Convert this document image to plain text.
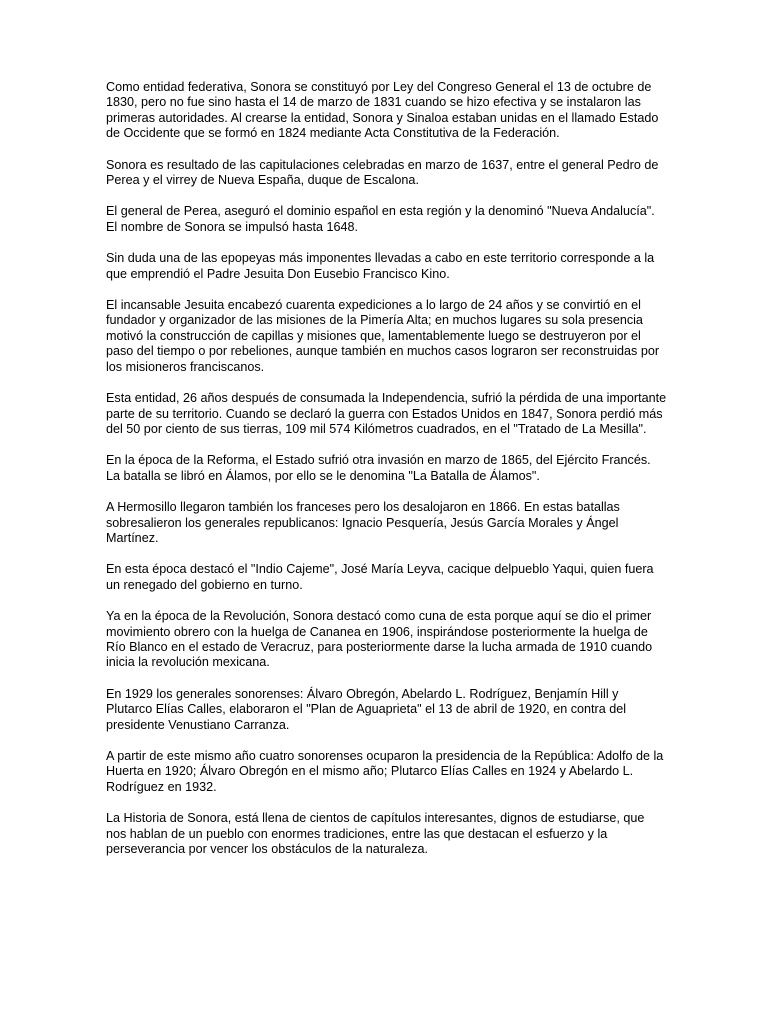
Como entidad federativa, Sonora se constituyó por Ley del Congreso General el 13 de octubre de 1830, pero no fue sino hasta el 14 de marzo de 1831 cuando se hizo efectiva y se instalaron las primeras autoridades. Al crearse la entidad, Sonora y Sinaloa estaban unidas en el llamado Estado de Occidente que se formó en 1824 mediante Acta Constitutiva de la Federación.

Sonora es resultado de las capitulaciones celebradas en marzo de 1637, entre el general Pedro de Perea y el virrey de Nueva España, duque de Escalona.

El general de Perea, aseguró el dominio español en esta región y la denominó "Nueva Andalucía". El nombre de Sonora se impulsó hasta 1648.

Sin duda una de las epopeyas más imponentes llevadas a cabo en este territorio corresponde a la que emprendió el Padre Jesuita Don Eusebio Francisco Kino.

El incansable Jesuita encabezó cuarenta expediciones a lo largo de 24 años y se convirtió en el fundador y organizador de las misiones de la Pimería Alta; en muchos lugares su sola presencia motivó la construcción de capillas y misiones que, lamentablemente luego se destruyeron por el paso del tiempo o por rebeliones, aunque también en muchos casos lograron ser reconstruidas por los misioneros franciscanos.

Esta entidad, 26 años después de consumada la Independencia, sufrió la pérdida de una importante parte de su territorio. Cuando se declaró la guerra con Estados Unidos en 1847, Sonora perdió más del 50 por ciento de sus tierras, 109 mil 574 Kilómetros cuadrados, en el "Tratado de La Mesilla".

En la época de la Reforma, el Estado sufrió otra invasión en marzo de 1865, del Ejército Francés. La batalla se libró en Álamos, por ello se le denomina "La Batalla de Álamos".

A Hermosillo llegaron también los franceses pero los desalojaron en 1866. En estas batallas sobresalieron los generales republicanos: Ignacio Pesquería, Jesús García Morales y Ángel Martínez.

En esta época destacó el "Indio Cajeme", José María Leyva, cacique delpueblo Yaqui, quien fuera un renegado del gobierno en turno.

Ya en la época de la Revolución, Sonora destacó como cuna de esta porque aquí se dio el primer movimiento obrero con la huelga de Cananea en 1906, inspirándose posteriormente la huelga de Río Blanco en el estado de Veracruz, para posteriormente darse la lucha armada de 1910 cuando inicia la revolución mexicana.

En 1929 los generales sonorenses: Álvaro Obregón, Abelardo L. Rodríguez, Benjamín Hill y Plutarco Elías Calles, elaboraron el "Plan de Aguaprieta" el 13 de abril de 1920, en contra del presidente Venustiano Carranza.

A partir de este mismo año cuatro sonorenses ocuparon la presidencia de la República: Adolfo de la Huerta en 1920; Álvaro Obregón en el mismo año; Plutarco Elías Calles en 1924 y Abelardo L. Rodríguez en 1932.

La Historia de Sonora, está llena de cientos de capítulos interesantes, dignos de estudiarse, que nos hablan de un pueblo con enormes tradiciones, entre las que destacan el esfuerzo y la perseverancia por vencer los obstáculos de la naturaleza.
